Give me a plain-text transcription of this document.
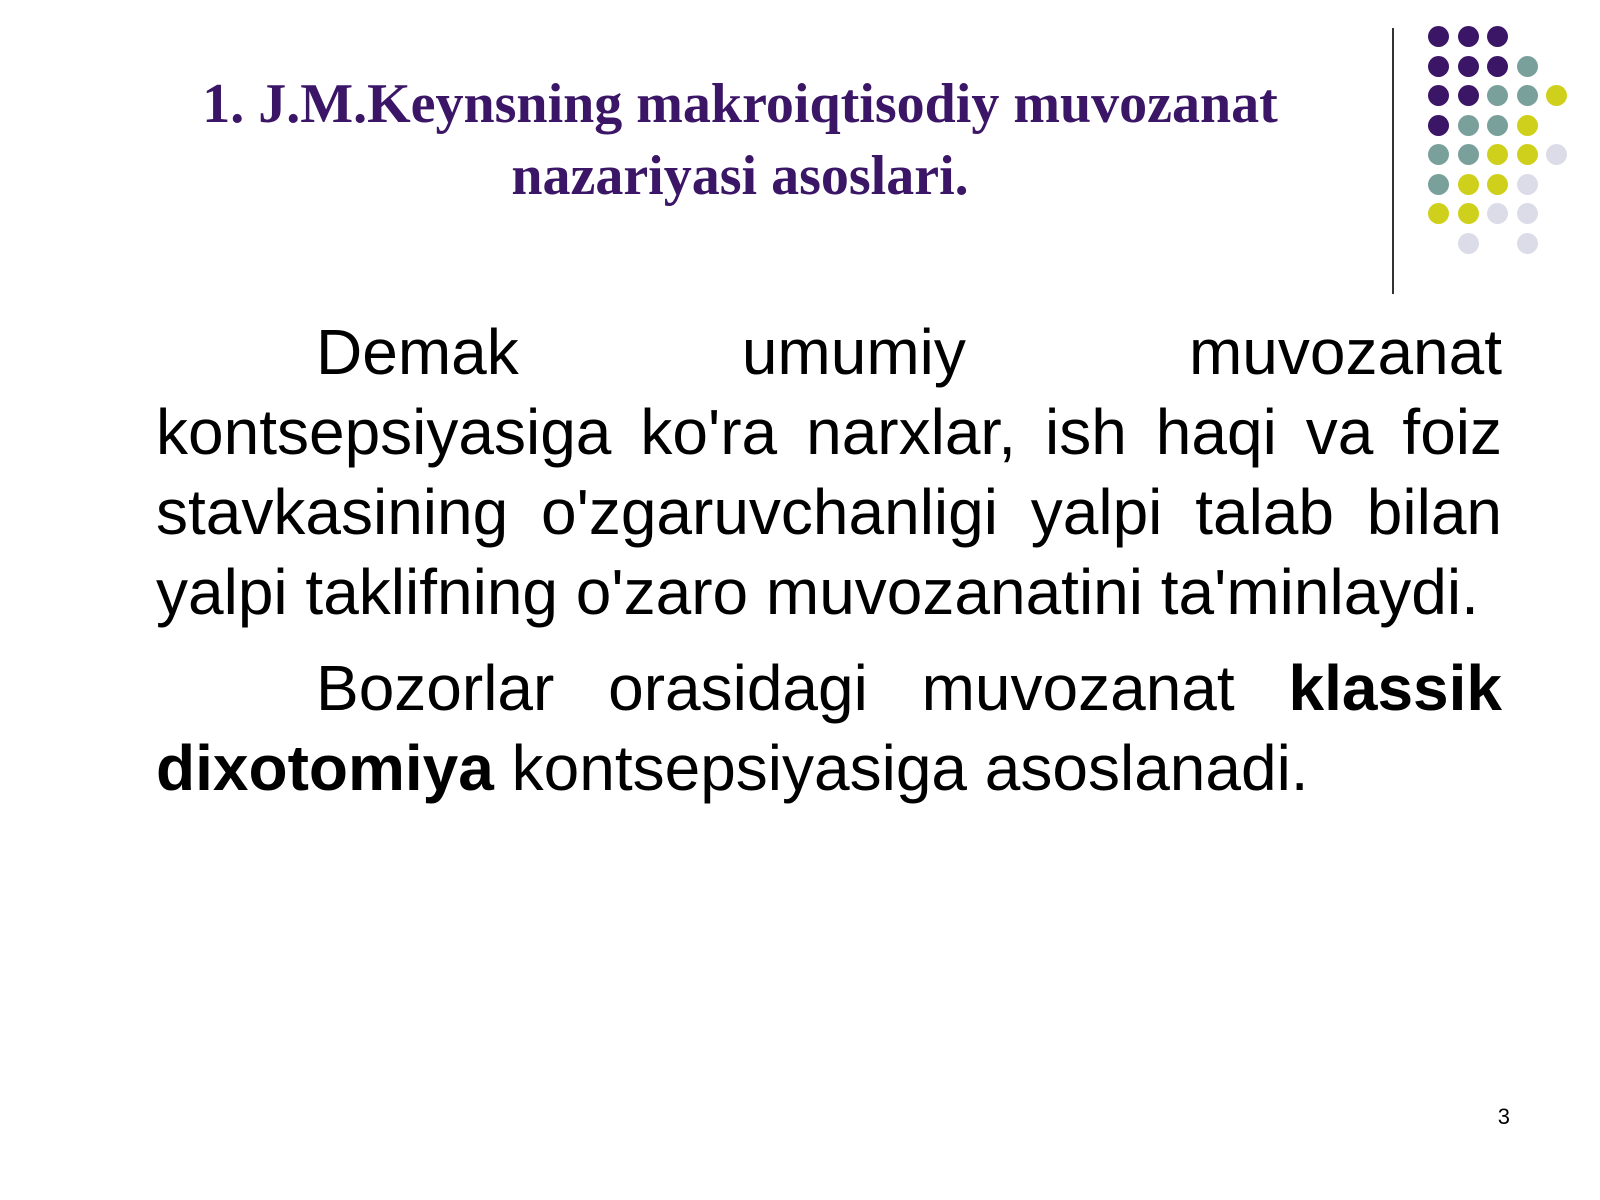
1. J.M.Keynsning makroiqtisodiy muvozanat nazariyasi asoslari.

Demak umumiy muvozanat kontsepsiyasiga ko'ra narxlar, ish haqi va foiz stavkasining o'zgaruvchanligi yalpi talab bilan yalpi taklifning o'zaro muvozanatini ta'minlaydi.

Bozorlar orasidagi muvozanat klassik dixotomiya kontsepsiyasiga asoslanadi.

3
